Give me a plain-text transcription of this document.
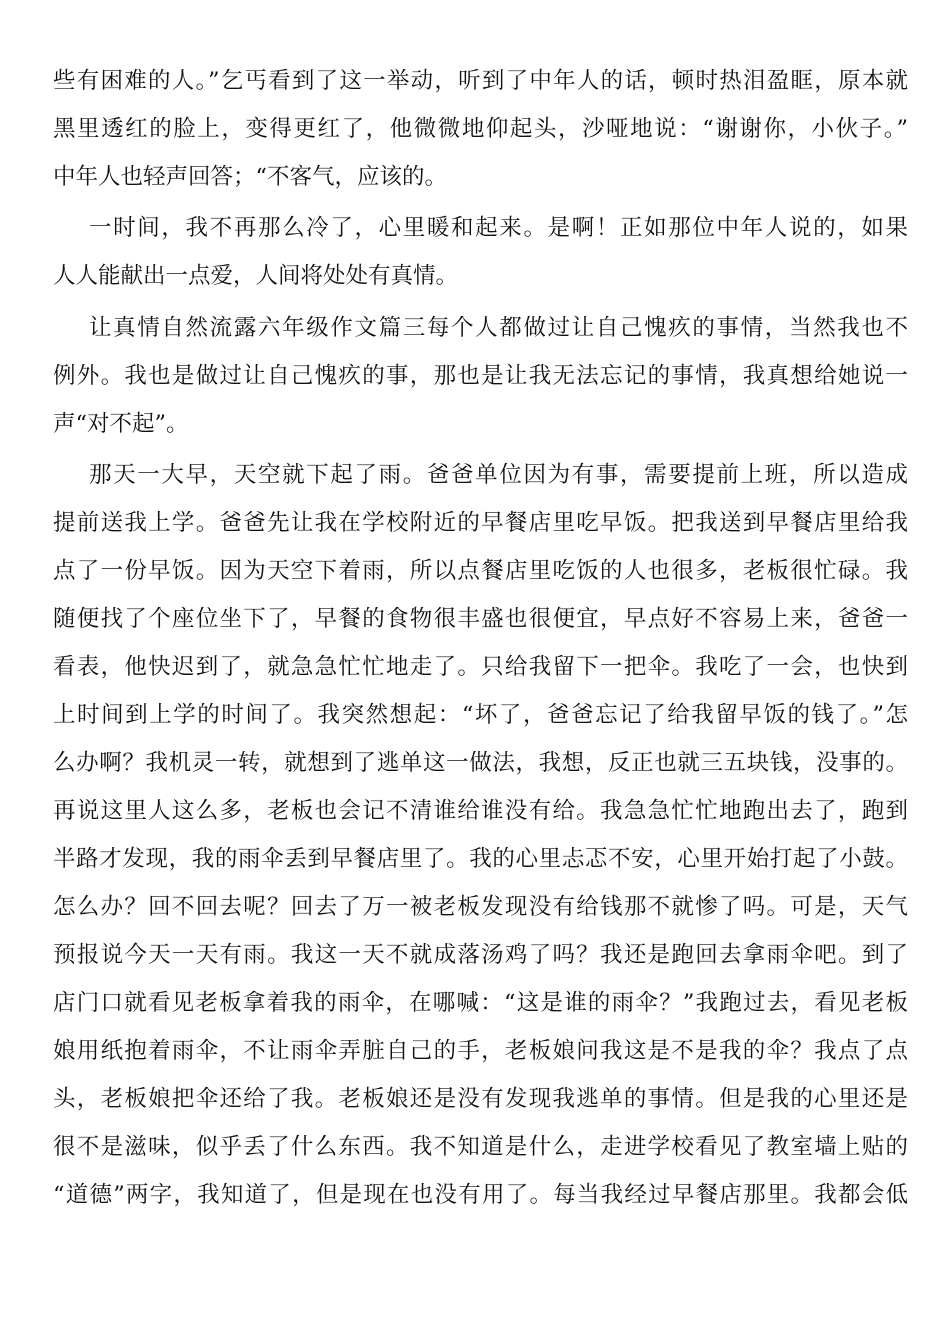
些有困难的人。”乞丐看到了这一举动，听到了中年人的话，顿时热泪盈眶，原本就
黑里透红的脸上，变得更红了，他微微地仰起头，沙哑地说：“谢谢你，小伙子。”
中年人也轻声回答；“不客气，应该的。
一时间，我不再那么冷了，心里暖和起来。是啊！正如那位中年人说的，如果
人人能献出一点爱，人间将处处有真情。
让真情自然流露六年级作文篇三每个人都做过让自己愧疚的事情，当然我也不
例外。我也是做过让自己愧疚的事，那也是让我无法忘记的事情，我真想给她说一
声“对不起”。
那天一大早，天空就下起了雨。爸爸单位因为有事，需要提前上班，所以造成
提前送我上学。爸爸先让我在学校附近的早餐店里吃早饭。把我送到早餐店里给我
点了一份早饭。因为天空下着雨，所以点餐店里吃饭的人也很多，老板很忙碌。我
随便找了个座位坐下了，早餐的食物很丰盛也很便宜，早点好不容易上来，爸爸一
看表，他快迟到了，就急急忙忙地走了。只给我留下一把伞。我吃了一会，也快到
上时间到上学的时间了。我突然想起：“坏了，爸爸忘记了给我留早饭的钱了。”怎
么办啊？我机灵一转，就想到了逃单这一做法，我想，反正也就三五块钱，没事的。
再说这里人这么多，老板也会记不清谁给谁没有给。我急急忙忙地跑出去了，跑到
半路才发现，我的雨伞丢到早餐店里了。我的心里忐忑不安，心里开始打起了小鼓。
怎么办？回不回去呢？回去了万一被老板发现没有给钱那不就惨了吗。可是，天气
预报说今天一天有雨。我这一天不就成落汤鸡了吗？我还是跑回去拿雨伞吧。到了
店门口就看见老板拿着我的雨伞，在哪喊：“这是谁的雨伞？”我跑过去，看见老板
娘用纸抱着雨伞，不让雨伞弄脏自己的手，老板娘问我这是不是我的伞？我点了点
头，老板娘把伞还给了我。老板娘还是没有发现我逃单的事情。但是我的心里还是
很不是滋味，似乎丢了什么东西。我不知道是什么，走进学校看见了教室墙上贴的
“道德”两字，我知道了，但是现在也没有用了。每当我经过早餐店那里。我都会低
